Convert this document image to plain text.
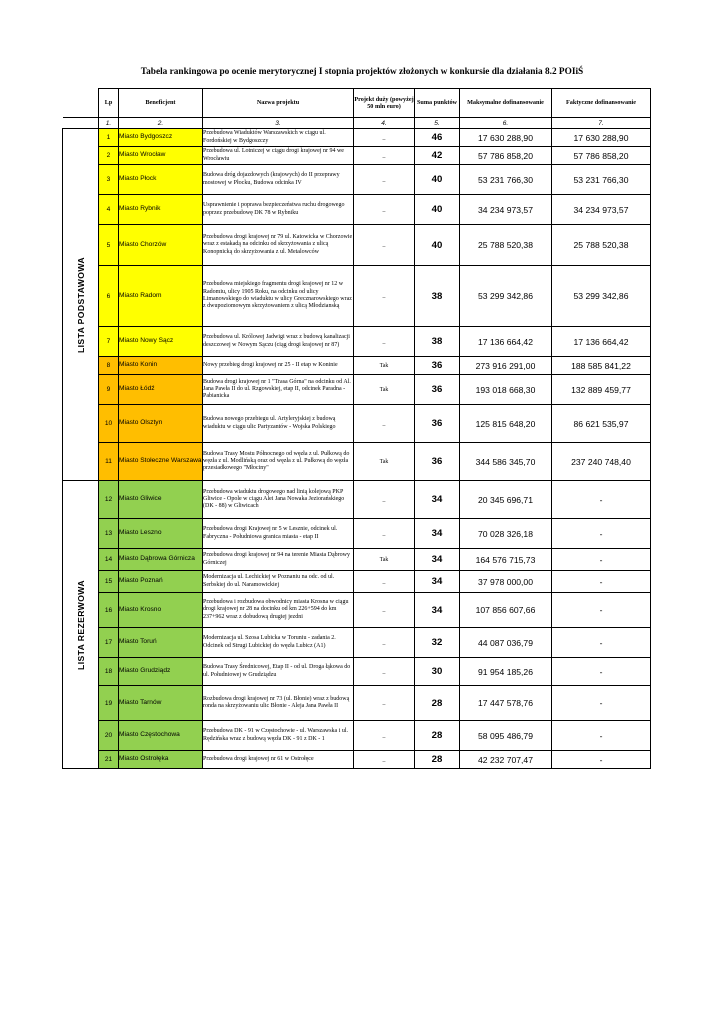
Tabela rankingowa po ocenie merytorycznej I stopnia projektów złożonych w konkursie dla działania 8.2 POIiŚ
	Lp	Beneficjent	Nazwa projektu	Projekt duży (powyżej 50 mln euro)	Suma punktów	Maksymalne dofinansowanie	Faktyczne dofinansowanie
	1.	2.	3.	4.	5.	6.	7.

LISTA PODSTAWOWA	1	Miasto Bydgoszcz	Przebudowa Wiaduktów Warszawskich w ciągu ul. Fordońskiej w Bydgoszczy	_	46	17 630 288,90	17 630 288,90
	2	Miasto Wrocław	Przebudowa ul. Lotniczej w ciągu drogi krajowej nr 94 we Wrocławiu	_	42	57 786 858,20	57 786 858,20
	3	Miasto Płock	Budowa dróg dojazdowych (krajowych) do II przeprawy mostowej w Płocku, Budowa odcinka IV	_	40	53 231 766,30	53 231 766,30
	4	Miasto Rybnik	Usprawnienie i poprawa bezpieczeństwa ruchu drogowego poprzez przebudowę DK 78 w Rybniku	_	40	34 234 973,57	34 234 973,57
	5	Miasto Chorzów	Przebudowa drogi krajowej nr 79 ul. Katowicka w Chorzowie wraz z estakadą na odcinku od skrzyżowania z ulicą Konopnicką do skrzyżowania z ul. Metalowców	_	40	25 788 520,38	25 788 520,38
	6	Miasto Radom	Przebudowa miejskiego fragmentu drogi krajowej nr 12 w Radomiu, ulicy 1905 Roku, na odcinku od ulicy Limanowskiego do wiaduktu w ulicy Grecznarowskiego wraz z dwupoziomowym skrzyżowaniem z ulicą Młodzianską	_	38	53 299 342,86	53 299 342,86
	7	Miasto Nowy Sącz	Przebudowa ul. Królowej Jadwigi wraz z budową kanalizacji deszczowej w Nowym Sączu (ciąg drogi krajowej nr 87)	_	38	17 136 664,42	17 136 664,42
	8	Miasto Konin	Nowy przebieg drogi krajowej nr 25 - II etap w Koninie	Tak	36	273 916 291,00	188 585 841,22
	9	Miasto Łódź	Budowa drogi krajowej nr 1 "Trasa Górna" na odcinku od Al. Jana Pawła II do ul. Rzgowskiej, etap II, odcinek Paradna - Pabianicka	Tak	36	193 018 668,30	132 889 459,77
	10	Miasto Olsztyn	Budowa nowego przebiegu ul. Artyleryjskiej z budową wiaduktu w ciągu ulic Partyzantów - Wojska Polskiego	_	36	125 815 648,20	86 621 535,97
	11	Miasto Stołeczne Warszawa	Budowa Trasy Mostu Północnego od węzła z ul. Pułkową do węzła z ul. Modlińską oraz od węzła z ul. Pułkową do węzła przesiadkowego "Młociny"	Tak	36	344 586 345,70	237 240 748,40

LISTA REZERWOWA	12	Miasto Gliwice	Przebudowa wiaduktu drogowego nad linią kolejową PKP Gliwice - Opole w ciągu Alei Jana Nowaka Jeziorańskiego (DK - 88) w Gliwicach	_	34	20 345 696,71	-
	13	Miasto Leszno	Przebudowa drogi Krajowej nr 5 w Lesznie, odcinek ul. Fabryczna - Południowa granica miasta - etap II	_	34	70 028 326,18	-
	14	Miasto Dąbrowa Górnicza	Przebudowa drogi krajowej nr 94 na terenie Miasta Dąbrowy Górniczej	Tak	34	164 576 715,73	-
	15	Miasto Poznań	Modernizacja ul. Lechickiej w Poznaniu na odc. od ul. Serbskiej do ul. Naramowickiej	_	34	37 978 000,00	-
	16	Miasto Krosno	Przebudowa i rozbudowa obwodnicy miasta Krosna w ciągu drogi krajowej nr 28 na docinku od km 226+594 do km 237+962 wraz z dobudową drugiej jezdni	_	34	107 856 607,66	-
	17	Miasto Toruń	Modernizacja ul. Szosa Lubicka w Toruniu - zadania 2. Odcinek od Strugi Lubickiej do węzła Lubicz (A1)	_	32	44 087 036,79	-
	18	Miasto Grudziądz	Budowa Trasy Średnicowej, Etap II - od ul. Droga łąkowa do ul. Południowej w Grudziądzu	_	30	91 954 185,26	-
	19	Miasto Tarnów	Rozbudowa drogi krajowej nr 73 (ul. Błonie) wraz z budową ronda na skrzyżowaniu ulic Błonie - Aleja Jana Pawła II	_	28	17 447 578,76	-
	20	Miasto Częstochowa	Przebudowa DK - 91 w Częstochowie - ul. Warszawska i ul. Rędzińska wraz z budową węzła DK - 91 z DK - 1	_	28	58 095 486,79	-
	21	Miasto Ostrołęka	Przebudowa drogi krajowej nr 61 w Ostrołęce	_	28	42 232 707,47	-
